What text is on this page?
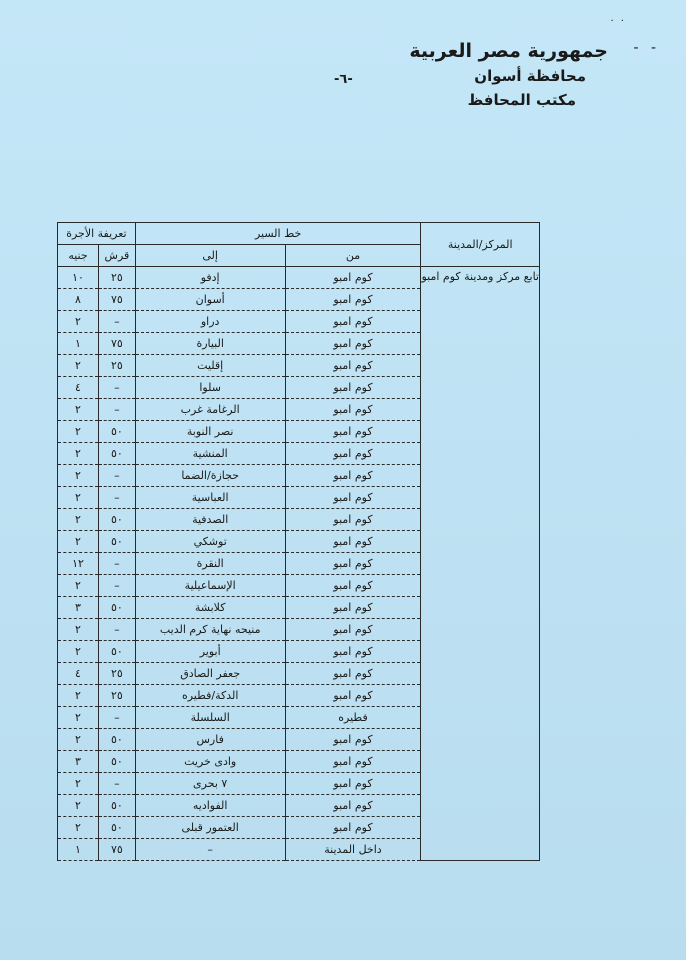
· ·
‐ ‐
جمهورية مصر العربية
محافظة أسوان
مكتب المحافظ
-٦-
المركز/المدينة	خط السير		تعريفة الأجرة	
	من	إلى	قرش	جنيه
تابع مركز ومدينة كوم امبو	كوم امبو	إدفو	٢٥	١٠
	كوم امبو	أسوان	٧٥	٨
	كوم امبو	دراو	–	٢
	كوم امبو	البيارة	٧٥	١
	كوم امبو	إقليت	٢٥	٢
	كوم امبو	سلوا	–	٤
	كوم امبو	الرغامة غرب	–	٢
	كوم امبو	نصر النوبة	٥٠	٢
	كوم امبو	المنشية	٥٠	٢
	كوم امبو	حجازة/الضما	–	٢
	كوم امبو	العباسية	–	٢
	كوم امبو	الصدفية	٥٠	٢
	كوم امبو	توشكي	٥٠	٢
	كوم امبو	النقرة	–	١٢
	كوم امبو	الإسماعيلية	–	٢
	كوم امبو	كلابشة	٥٠	٣
	كوم امبو	منيحه نهاية كرم الديب	–	٢
	كوم امبو	أبوير	٥٠	٢
	كوم امبو	جعفر الصادق	٢٥	٤
	كوم امبو	الدكة/فطيره	٢٥	٢
	فطيره	السلسلة	–	٢
	كوم امبو	فارس	٥٠	٢
	كوم امبو	وادى خريت	٥٠	٣
	كوم امبو	٧ بحرى	–	٢
	كوم امبو	الفواديه	٥٠	٢
	كوم امبو	العتمور قبلى	٥٠	٢
	داخل المدينة	–	٧٥	١
